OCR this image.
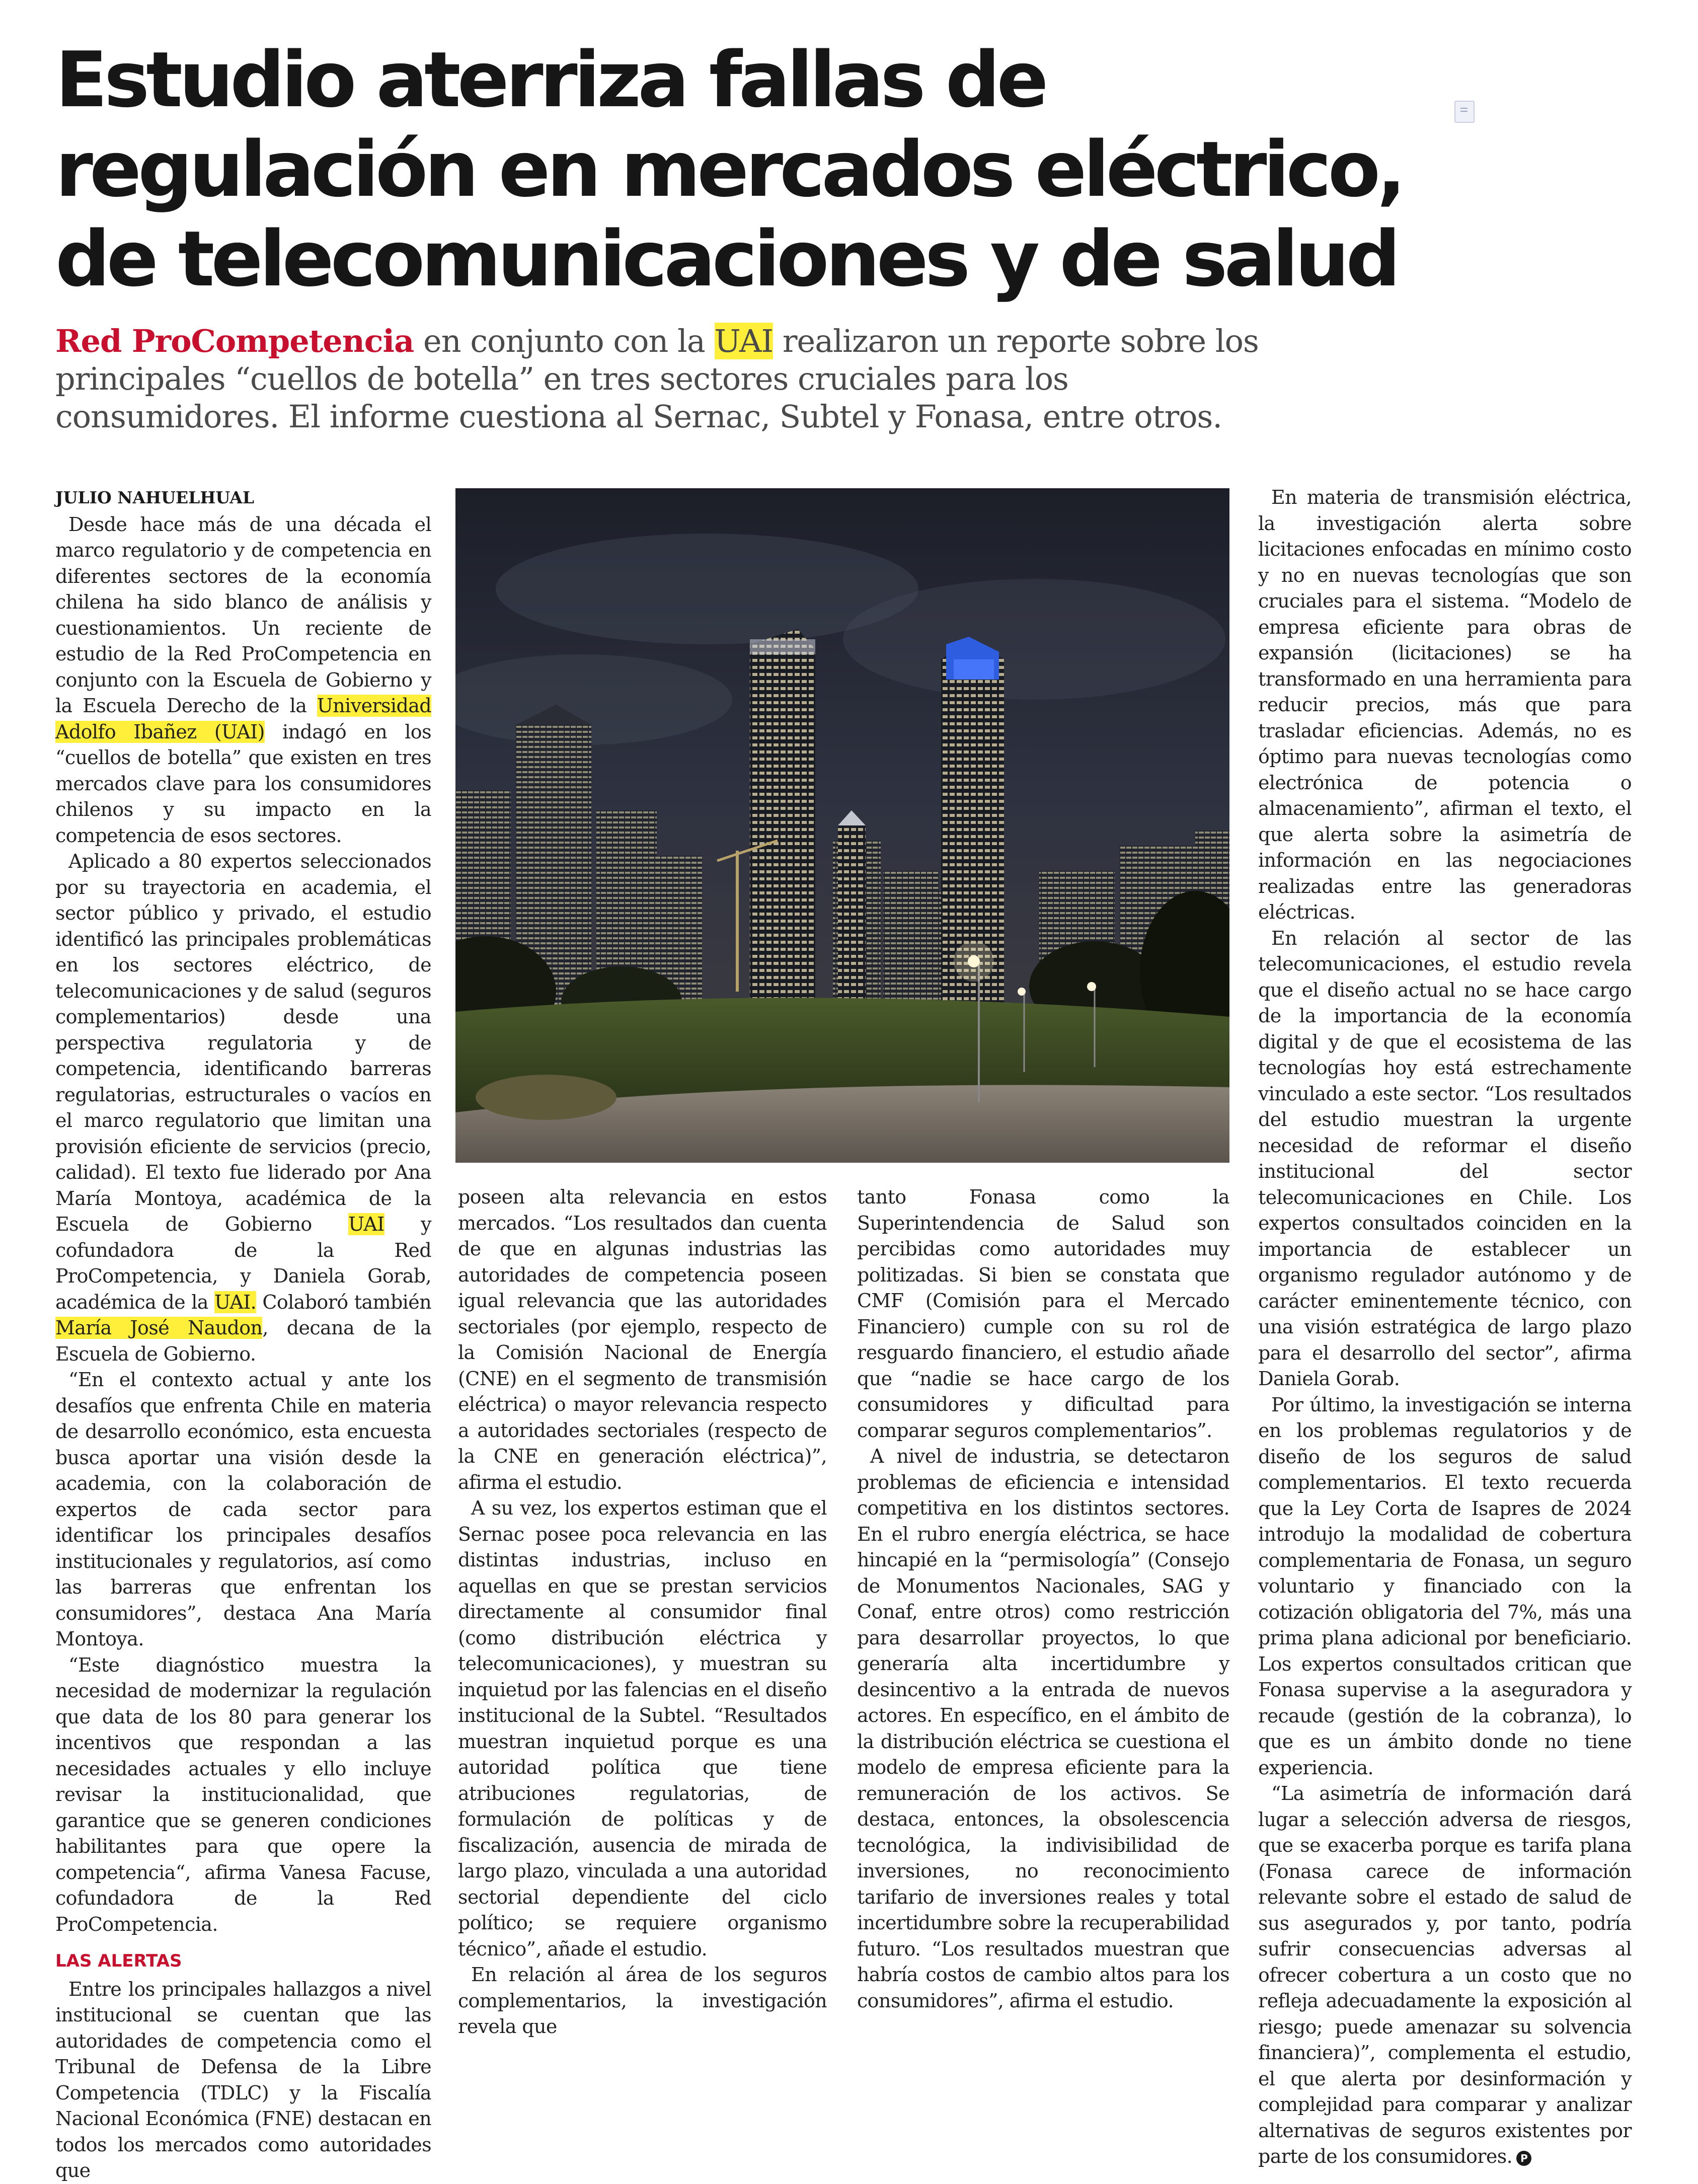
Estudio aterriza fallas de regulación en mercados eléctrico, de telecomunicaciones y de salud

Red ProCompetencia en conjunto con la UAI realizaron un reporte sobre los principales “cuellos de botella” en tres sectores cruciales para los consumidores. El informe cuestiona al Sernac, Subtel y Fonasa, entre otros.

JULIO NAHUELHUAL

Desde hace más de una década el marco regulatorio y de competencia en diferentes sectores de la economía chilena ha sido blanco de análisis y cuestionamientos. Un reciente de estudio de la Red ProCompetencia en conjunto con la Escuela de Gobierno y la Escuela Derecho de la Universidad Adolfo Ibañez (UAI) indagó en los “cuellos de botella” que existen en tres mercados clave para los consumidores chilenos y su impacto en la competencia de esos sectores.

Aplicado a 80 expertos seleccionados por su trayectoria en academia, el sector público y privado, el estudio identificó las principales problemáticas en los sectores eléctrico, de telecomunicaciones y de salud (seguros complementarios) desde una perspectiva regulatoria y de competencia, identificando barreras regulatorias, estructurales o vacíos en el marco regulatorio que limitan una provisión eficiente de servicios (precio, calidad). El texto fue liderado por Ana María Montoya, académica de la Escuela de Gobierno UAI y cofundadora de la Red ProCompetencia, y Daniela Gorab, académica de la UAI. Colaboró también María José Naudon, decana de la Escuela de Gobierno.

“En el contexto actual y ante los desafíos que enfrenta Chile en materia de desarrollo económico, esta encuesta busca aportar una visión desde la academia, con la colaboración de expertos de cada sector para identificar los principales desafíos institucionales y regulatorios, así como las barreras que enfrentan los consumidores”, destaca Ana María Montoya.

“Este diagnóstico muestra la necesidad de modernizar la regulación que data de los 80 para generar los incentivos que respondan a las necesidades actuales y ello incluye revisar la institucionalidad, que garantice que se generen condiciones habilitantes para que opere la competencia“, afirma Vanesa Facuse, cofundadora de la Red ProCompetencia.

LAS ALERTAS

Entre los principales hallazgos a nivel institucional se cuentan que las autoridades de competencia como el Tribunal de Defensa de la Libre Competencia (TDLC) y la Fiscalía Nacional Económica (FNE) destacan en todos los mercados como autoridades que

poseen alta relevancia en estos mercados. “Los resultados dan cuenta de que en algunas industrias las autoridades de competencia poseen igual relevancia que las autoridades sectoriales (por ejemplo, respecto de la Comisión Nacional de Energía (CNE) en el segmento de transmisión eléctrica) o mayor relevancia respecto a autoridades sectoriales (respecto de la CNE en generación eléctrica)”, afirma el estudio.

A su vez, los expertos estiman que el Sernac posee poca relevancia en las distintas industrias, incluso en aquellas en que se prestan servicios directamente al consumidor final (como distribución eléctrica y telecomunicaciones), y muestran su inquietud por las falencias en el diseño institucional de la Subtel. “Resultados muestran inquietud porque es una autoridad política que tiene atribuciones regulatorias, de formulación de políticas y de fiscalización, ausencia de mirada de largo plazo, vinculada a una autoridad sectorial dependiente del ciclo político; se requiere organismo técnico”, añade el estudio.

En relación al área de los seguros complementarios, la investigación revela que

tanto Fonasa como la Superintendencia de Salud son percibidas como autoridades muy politizadas. Si bien se constata que CMF (Comisión para el Mercado Financiero) cumple con su rol de resguardo financiero, el estudio añade que “nadie se hace cargo de los consumidores y dificultad para comparar seguros complementarios”.

A nivel de industria, se detectaron problemas de eficiencia e intensidad competitiva en los distintos sectores. En el rubro energía eléctrica, se hace hincapié en la “permisología” (Consejo de Monumentos Nacionales, SAG y Conaf, entre otros) como restricción para desarrollar proyectos, lo que generaría alta incertidumbre y desincentivo a la entrada de nuevos actores. En específico, en el ámbito de la distribución eléctrica se cuestiona el modelo de empresa eficiente para la remuneración de los activos. Se destaca, entonces, la obsolescencia tecnológica, la indivisibilidad de inversiones, no reconocimiento tarifario de inversiones reales y total incertidumbre sobre la recuperabilidad futuro. “Los resultados muestran que habría costos de cambio altos para los consumidores”, afirma el estudio.

En materia de transmisión eléctrica, la investigación alerta sobre licitaciones enfocadas en mínimo costo y no en nuevas tecnologías que son cruciales para el sistema. “Modelo de empresa eficiente para obras de expansión (licitaciones) se ha transformado en una herramienta para reducir precios, más que para trasladar eficiencias. Además, no es óptimo para nuevas tecnologías como electrónica de potencia o almacenamiento”, afirman el texto, el que alerta sobre la asimetría de información en las negociaciones realizadas entre las generadoras eléctricas.

En relación al sector de las telecomunicaciones, el estudio revela que el diseño actual no se hace cargo de la importancia de la economía digital y de que el ecosistema de las tecnologías hoy está estrechamente vinculado a este sector. “Los resultados del estudio muestran la urgente necesidad de reformar el diseño institucional del sector telecomunicaciones en Chile. Los expertos consultados coinciden en la importancia de establecer un organismo regulador autónomo y de carácter eminentemente técnico, con una visión estratégica de largo plazo para el desarrollo del sector”, afirma Daniela Gorab.

Por último, la investigación se interna en los problemas regulatorios y de diseño de los seguros de salud complementarios. El texto recuerda que la Ley Corta de Isapres de 2024 introdujo la modalidad de cobertura complementaria de Fonasa, un seguro voluntario y financiado con la cotización obligatoria del 7%, más una prima plana adicional por beneficiario. Los expertos consultados critican que Fonasa supervise a la aseguradora y recaude (gestión de la cobranza), lo que es un ámbito donde no tiene experiencia.

“La asimetría de información dará lugar a selección adversa de riesgos, que se exacerba porque es tarifa plana (Fonasa carece de información relevante sobre el estado de salud de sus asegurados y, por tanto, podría sufrir consecuencias adversas al ofrecer cobertura a un costo que no refleja adecuadamente la exposición al riesgo; puede amenazar su solvencia financiera)”, complementa el estudio, el que alerta por desinformación y complejidad para comparar y analizar alternativas de seguros existentes por parte de los consumidores. P
